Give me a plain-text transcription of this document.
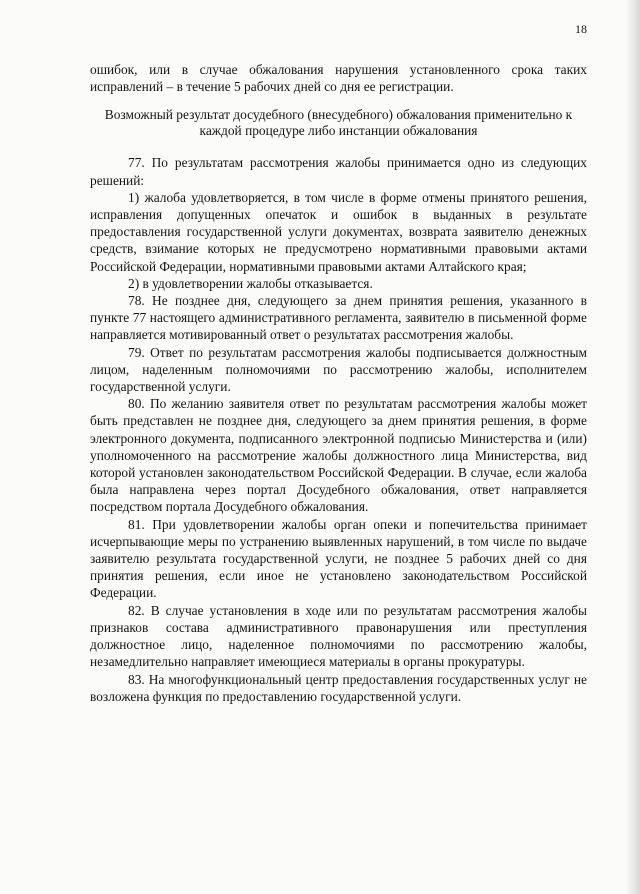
18

ошибок, или в случае обжалования нарушения установленного срока таких исправлений – в течение 5 рабочих дней со дня ее регистрации.

Возможный результат досудебного (внесудебного) обжалования применительно к каждой процедуре либо инстанции обжалования

77. По результатам рассмотрения жалобы принимается одно из следующих решений:

1) жалоба удовлетворяется, в том числе в форме отмены принятого решения, исправления допущенных опечаток и ошибок в выданных в результате предоставления государственной услуги документах, возврата заявителю денежных средств, взимание которых не предусмотрено нормативными правовыми актами Российской Федерации, нормативными правовыми актами Алтайского края;

2) в удовлетворении жалобы отказывается.

78. Не позднее дня, следующего за днем принятия решения, указанного в пункте 77 настоящего административного регламента, заявителю в письменной форме направляется мотивированный ответ о результатах рассмотрения жалобы.

79. Ответ по результатам рассмотрения жалобы подписывается должностным лицом, наделенным полномочиями по рассмотрению жалобы, исполнителем государственной услуги.

80. По желанию заявителя ответ по результатам рассмотрения жалобы может быть представлен не позднее дня, следующего за днем принятия решения, в форме электронного документа, подписанного электронной подписью Министерства и (или) уполномоченного на рассмотрение жалобы должностного лица Министерства, вид которой установлен законодательством Российской Федерации. В случае, если жалоба была направлена через портал Досудебного обжалования, ответ направляется посредством портала Досудебного обжалования.

81. При удовлетворении жалобы орган опеки и попечительства принимает исчерпывающие меры по устранению выявленных нарушений, в том числе по выдаче заявителю результата государственной услуги, не позднее 5 рабочих дней со дня принятия решения, если иное не установлено законодательством Российской Федерации.

82. В случае установления в ходе или по результатам рассмотрения жалобы признаков состава административного правонарушения или преступления должностное лицо, наделенное полномочиями по рассмотрению жалобы, незамедлительно направляет имеющиеся материалы в органы прокуратуры.

83. На многофункциональный центр предоставления государственных услуг не возложена функция по предоставлению государственной услуги.
